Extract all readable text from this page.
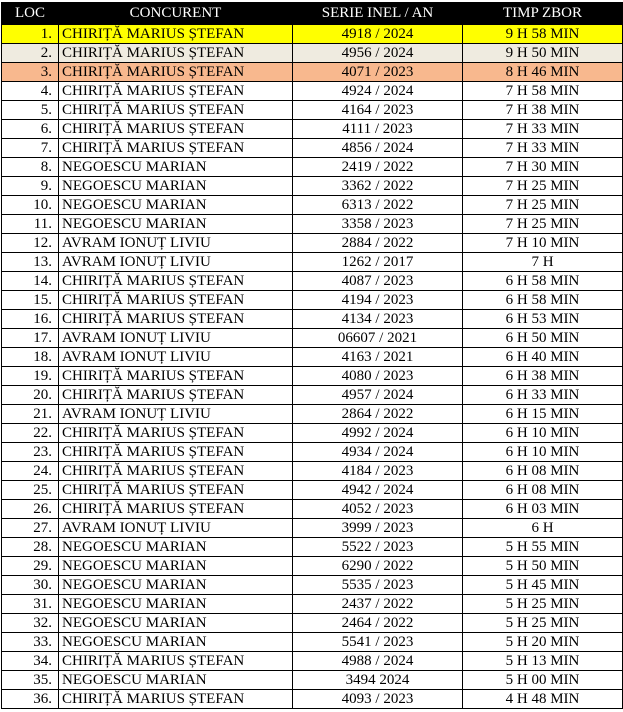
LOC	CONCURENT	SERIE INEL / AN	TIMP ZBOR
1.	CHIRIȚĂ MARIUS ȘTEFAN	4918 / 2024	9 H 58 MIN
2.	CHIRIȚĂ MARIUS ȘTEFAN	4956 / 2024	9 H 50 MIN
3.	CHIRIȚĂ MARIUS ȘTEFAN	4071 / 2023	8 H 46 MIN
4.	CHIRIȚĂ MARIUS ȘTEFAN	4924 / 2024	7 H 58 MIN
5.	CHIRIȚĂ MARIUS ȘTEFAN	4164 / 2023	7 H 38 MIN
6.	CHIRIȚĂ MARIUS ȘTEFAN	4111 / 2023	7 H 33 MIN
7.	CHIRIȚĂ MARIUS ȘTEFAN	4856 / 2024	7 H 33 MIN
8.	NEGOESCU MARIAN	2419 / 2022	7 H 30 MIN
9.	NEGOESCU MARIAN	3362 / 2022	7 H 25 MIN
10.	NEGOESCU MARIAN	6313 / 2022	7 H 25 MIN
11.	NEGOESCU MARIAN	3358 / 2023	7 H 25 MIN
12.	AVRAM IONUȚ LIVIU	2884 / 2022	7 H 10 MIN
13.	AVRAM IONUȚ LIVIU	1262 / 2017	7 H
14.	CHIRIȚĂ MARIUS ȘTEFAN	4087 / 2023	6 H 58 MIN
15.	CHIRIȚĂ MARIUS ȘTEFAN	4194 / 2023	6 H 58 MIN
16.	CHIRIȚĂ MARIUS ȘTEFAN	4134 / 2023	6 H 53 MIN
17.	AVRAM IONUȚ LIVIU	06607 / 2021	6 H 50 MIN
18.	AVRAM IONUȚ LIVIU	4163 / 2021	6 H 40 MIN
19.	CHIRIȚĂ MARIUS ȘTEFAN	4080 / 2023	6 H 38 MIN
20.	CHIRIȚĂ MARIUS ȘTEFAN	4957 / 2024	6 H 33 MIN
21.	AVRAM IONUȚ LIVIU	2864 / 2022	6 H 15 MIN
22.	CHIRIȚĂ MARIUS ȘTEFAN	4992 / 2024	6 H 10 MIN
23.	CHIRIȚĂ MARIUS ȘTEFAN	4934 / 2024	6 H 10 MIN
24.	CHIRIȚĂ MARIUS ȘTEFAN	4184 / 2023	6 H 08 MIN
25.	CHIRIȚĂ MARIUS ȘTEFAN	4942 / 2024	6 H 08 MIN
26.	CHIRIȚĂ MARIUS ȘTEFAN	4052 / 2023	6 H 03 MIN
27.	AVRAM IONUȚ LIVIU	3999 / 2023	6 H
28.	NEGOESCU MARIAN	5522 / 2023	5 H 55 MIN
29.	NEGOESCU MARIAN	6290 / 2022	5 H 50 MIN
30.	NEGOESCU MARIAN	5535 / 2023	5 H 45 MIN
31.	NEGOESCU MARIAN	2437 / 2022	5 H 25 MIN
32.	NEGOESCU MARIAN	2464 / 2022	5 H 25 MIN
33.	NEGOESCU MARIAN	5541 / 2023	5 H 20 MIN
34.	CHIRIȚĂ MARIUS ȘTEFAN	4988 / 2024	5 H 13 MIN
35.	NEGOESCU MARIAN	3494 2024	5 H 00 MIN
36.	CHIRIȚĂ MARIUS ȘTEFAN	4093 / 2023	4 H 48 MIN
